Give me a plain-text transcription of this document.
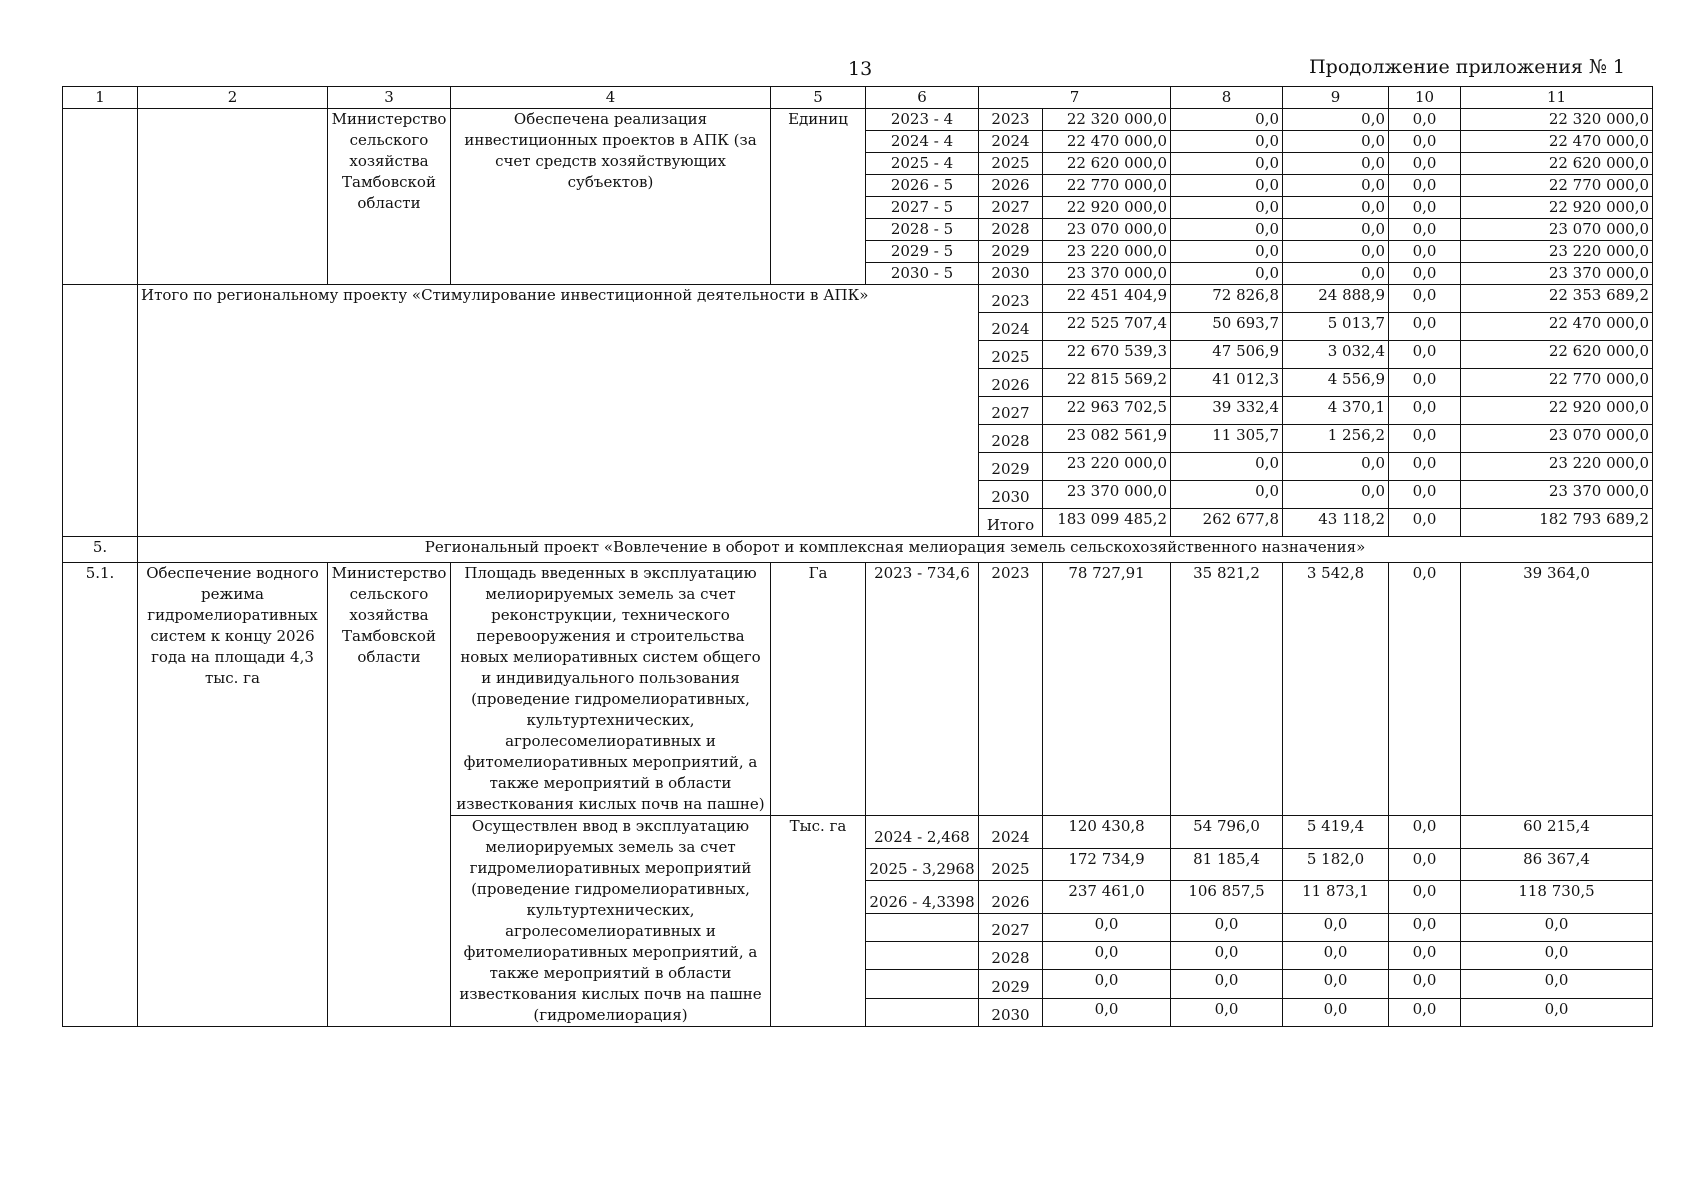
13	Продолжение приложения № 1
1	2	3	4	5	6	7		8	9	10	11
		Министерство сельского хозяйства Тамбовской области	Обеспечена реализация инвестиционных проектов в АПК (за счет средств хозяйствующих субъектов)	Единиц	2023 - 4	2023	22 320 000,0	0,0	0,0	0,0	22 320 000,0
					2024 - 4	2024	22 470 000,0	0,0	0,0	0,0	22 470 000,0
					2025 - 4	2025	22 620 000,0	0,0	0,0	0,0	22 620 000,0
					2026 - 5	2026	22 770 000,0	0,0	0,0	0,0	22 770 000,0
					2027 - 5	2027	22 920 000,0	0,0	0,0	0,0	22 920 000,0
					2028 - 5	2028	23 070 000,0	0,0	0,0	0,0	23 070 000,0
					2029 - 5	2029	23 220 000,0	0,0	0,0	0,0	23 220 000,0
					2030 - 5	2030	23 370 000,0	0,0	0,0	0,0	23 370 000,0
	Итого по региональному проекту «Стимулирование инвестиционной деятельности в АПК»					2023	22 451 404,9	72 826,8	24 888,9	0,0	22 353 689,2
						2024	22 525 707,4	50 693,7	5 013,7	0,0	22 470 000,0
						2025	22 670 539,3	47 506,9	3 032,4	0,0	22 620 000,0
						2026	22 815 569,2	41 012,3	4 556,9	0,0	22 770 000,0
						2027	22 963 702,5	39 332,4	4 370,1	0,0	22 920 000,0
						2028	23 082 561,9	11 305,7	1 256,2	0,0	23 070 000,0
						2029	23 220 000,0	0,0	0,0	0,0	23 220 000,0
						2030	23 370 000,0	0,0	0,0	0,0	23 370 000,0
						Итого	183 099 485,2	262 677,8	43 118,2	0,0	182 793 689,2
5.	Региональный проект «Вовлечение в оборот и комплексная мелиорация земель сельскохозяйственного назначения»										
5.1.	Обеспечение водного режима гидромелиоративных систем к концу 2026 года на площади 4,3 тыс. га	Министерство сельского хозяйства Тамбовской области	Площадь введенных в эксплуатацию мелиорируемых земель за счет реконструкции, технического перевооружения и строительства новых мелиоративных систем общего и индивидуального пользования (проведение гидромелиоративных, культуртехнических, агролесомелиоративных и фитомелиоративных мероприятий, а также мероприятий в области известкования кислых почв на пашне)	Га	2023 - 734,6	2023	78 727,91	35 821,2	3 542,8	0,0	39 364,0
			Осуществлен ввод в эксплуатацию мелиорируемых земель за счет гидромелиоративных мероприятий (проведение гидромелиоративных, культуртехнических, агролесомелиоративных и фитомелиоративных мероприятий, а также мероприятий в области известкования кислых почв на пашне (гидромелиорация)	Тыс. га	2024 - 2,468	2024	120 430,8	54 796,0	5 419,4	0,0	60 215,4
					2025 - 3,2968	2025	172 734,9	81 185,4	5 182,0	0,0	86 367,4
					2026 - 4,3398	2026	237 461,0	106 857,5	11 873,1	0,0	118 730,5
						2027	0,0	0,0	0,0	0,0	0,0
						2028	0,0	0,0	0,0	0,0	0,0
						2029	0,0	0,0	0,0	0,0	0,0
						2030	0,0	0,0	0,0	0,0	0,0
